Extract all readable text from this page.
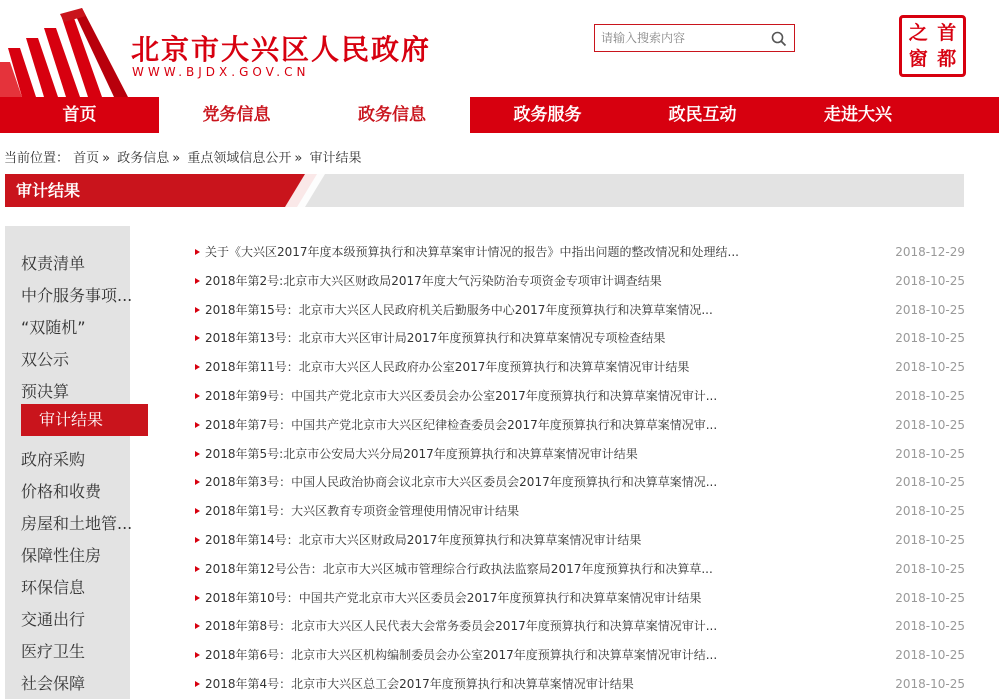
北京市大兴区人民政府
WWW.BJDX.GOV.CN
请输入搜索内容
之 首
窗 都
首页	党务信息	政务信息	政务服务	政民互动	走进大兴
当前位置： 首页 » 政务信息 » 重点领域信息公开 » 审计结果
审计结果
权责清单
中介服务事项...
“双随机”
双公示
预决算
审计结果
政府采购
价格和收费
房屋和土地管...
保障性住房
环保信息
交通出行
医疗卫生
社会保障
关于《大兴区2017年度本级预算执行和决算草案审计情况的报告》中指出问题的整改情况和处理结...	2018-12-29
2018年第2号:北京市大兴区财政局2017年度大气污染防治专项资金专项审计调查结果	2018-10-25
2018年第15号：北京市大兴区人民政府机关后勤服务中心2017年度预算执行和决算草案情况...	2018-10-25
2018年第13号：北京市大兴区审计局2017年度预算执行和决算草案情况专项检查结果	2018-10-25
2018年第11号：北京市大兴区人民政府办公室2017年度预算执行和决算草案情况审计结果	2018-10-25
2018年第9号：中国共产党北京市大兴区委员会办公室2017年度预算执行和决算草案情况审计...	2018-10-25
2018年第7号：中国共产党北京市大兴区纪律检查委员会2017年度预算执行和决算草案情况审...	2018-10-25
2018年第5号:北京市公安局大兴分局2017年度预算执行和决算草案情况审计结果	2018-10-25
2018年第3号：中国人民政治协商会议北京市大兴区委员会2017年度预算执行和决算草案情况...	2018-10-25
2018年第1号：大兴区教育专项资金管理使用情况审计结果	2018-10-25
2018年第14号：北京市大兴区财政局2017年度预算执行和决算草案情况审计结果	2018-10-25
2018年第12号公告：北京市大兴区城市管理综合行政执法监察局2017年度预算执行和决算草...	2018-10-25
2018年第10号：中国共产党北京市大兴区委员会2017年度预算执行和决算草案情况审计结果	2018-10-25
2018年第8号：北京市大兴区人民代表大会常务委员会2017年度预算执行和决算草案情况审计...	2018-10-25
2018年第6号：北京市大兴区机构编制委员会办公室2017年度预算执行和决算草案情况审计结...	2018-10-25
2018年第4号：北京市大兴区总工会2017年度预算执行和决算草案情况审计结果	2018-10-25
